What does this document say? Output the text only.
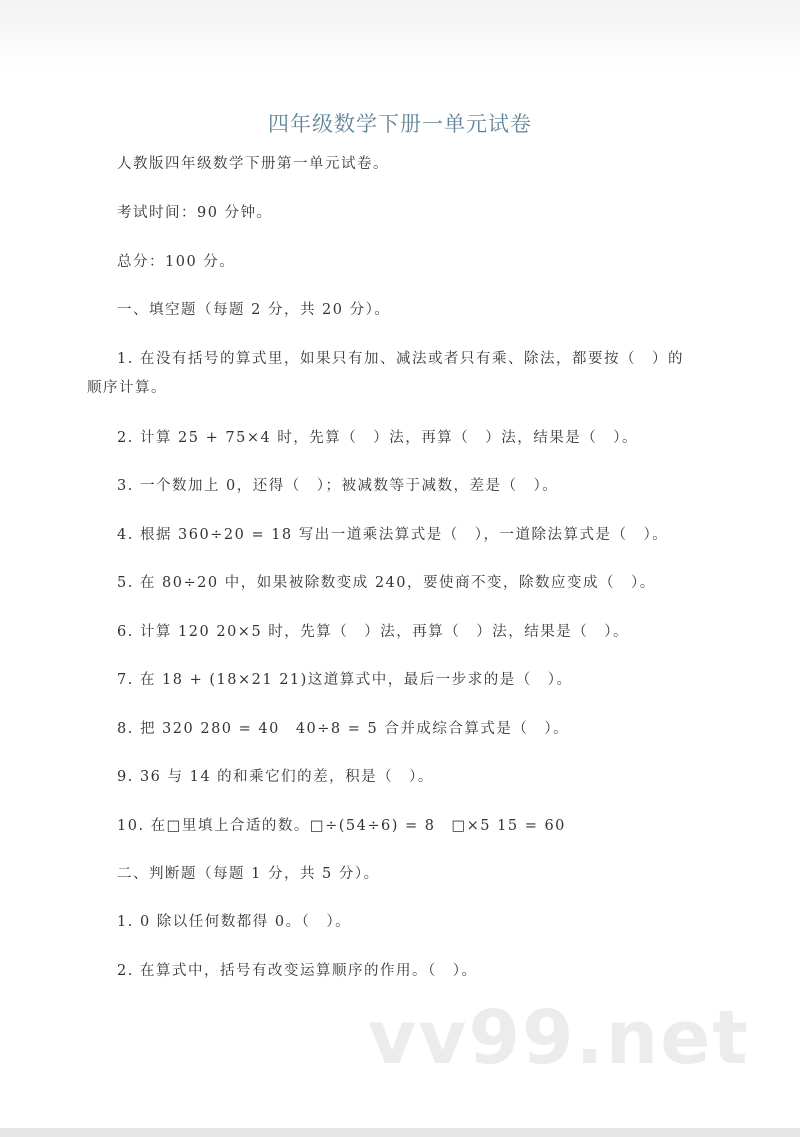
四年级数学下册一单元试卷
人教版四年级数学下册第一单元试卷。
考试时间：90 分钟。
总分：100 分。
一、填空题（每题 2 分，共 20 分）。
1. 在没有括号的算式里，如果只有加、减法或者只有乘、除法，都要按（　）的
顺序计算。
2. 计算 25 + 75×4 时，先算（　）法，再算（　）法，结果是（　）。
3. 一个数加上 0，还得（　）；被减数等于减数，差是（　）。
4. 根据 360÷20 = 18 写出一道乘法算式是（　），一道除法算式是（　）。
5. 在 80÷20 中，如果被除数变成 240，要使商不变，除数应变成（　）。
6. 计算 120 20×5 时，先算（　）法，再算（　）法，结果是（　）。
7. 在 18 + (18×21 21)这道算式中，最后一步求的是（　）。
8. 把 320 280 = 40　40÷8 = 5 合并成综合算式是（　）。
9. 36 与 14 的和乘它们的差，积是（　）。
10. 在□里填上合适的数。□÷(54÷6) = 8　□×5 15 = 60
二、判断题（每题 1 分，共 5 分）。
1. 0 除以任何数都得 0。（　）。
2. 在算式中，括号有改变运算顺序的作用。（　）。
vv99.net
